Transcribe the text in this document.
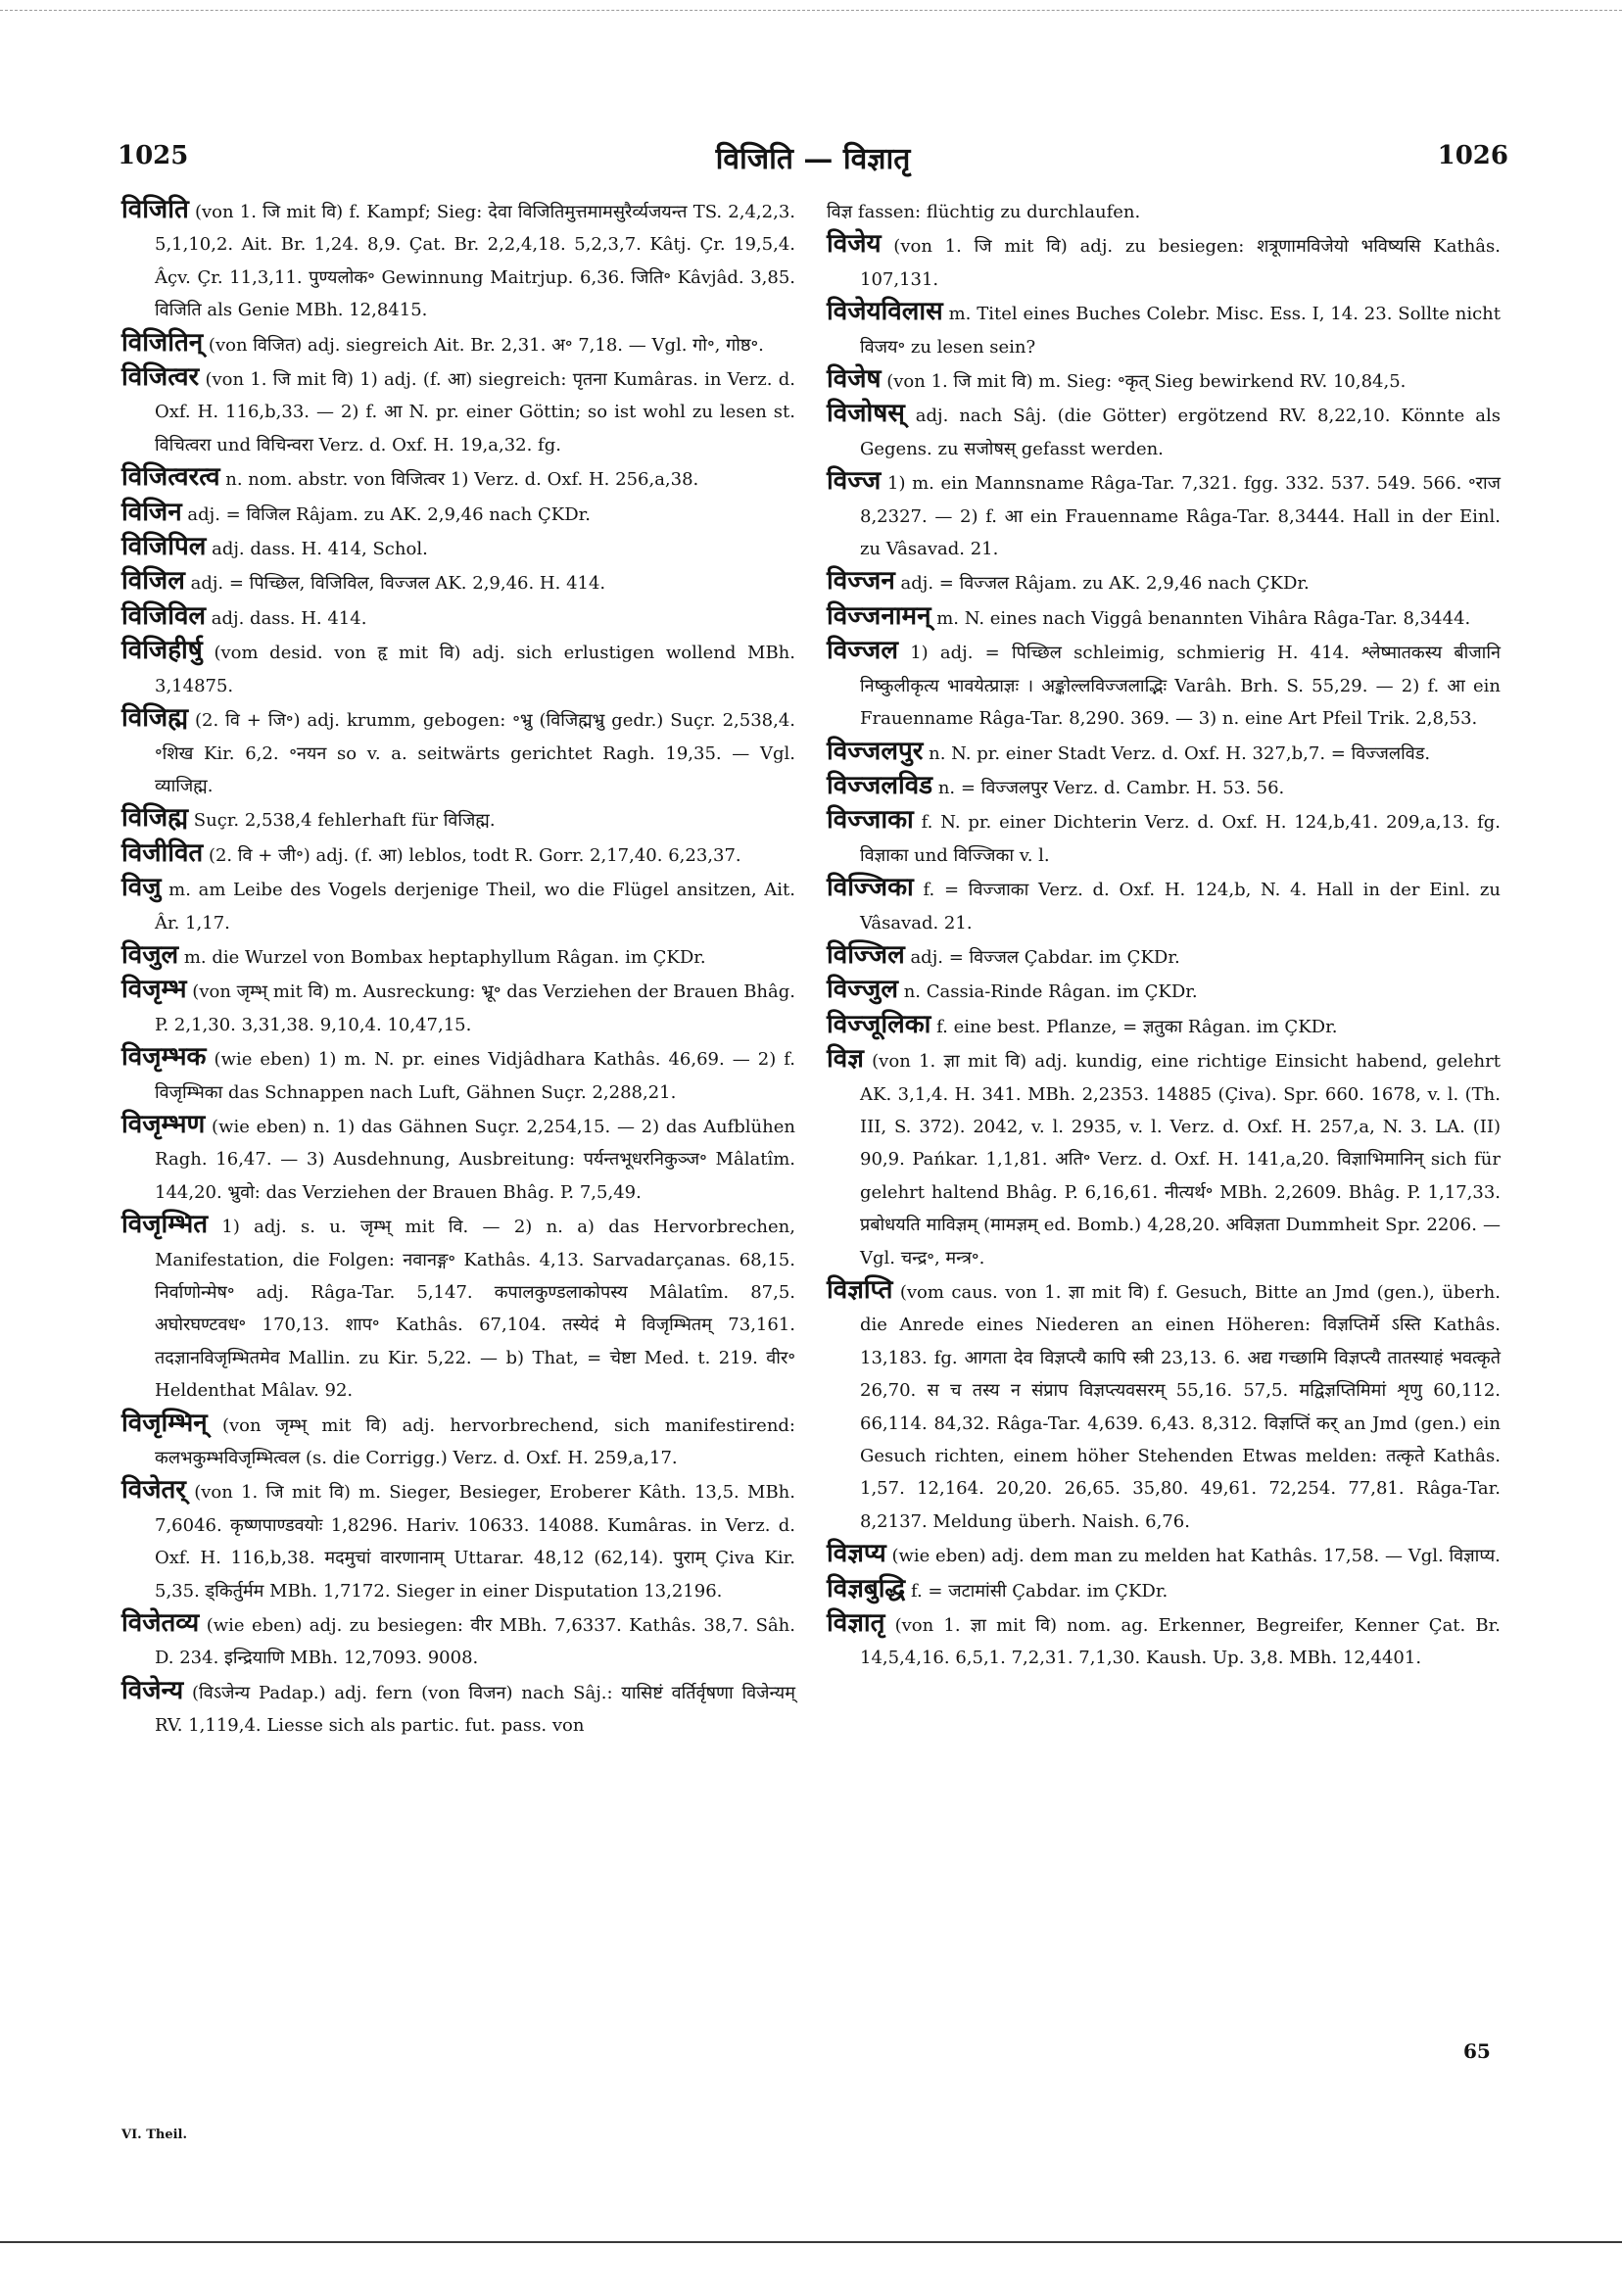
1025	विजिति — विज्ञातृ	1026

विजिति (von 1. जि mit वि) f. Kampf; Sieg: देवा विजितिमुत्तमामसुरैर्व्यजयन्त TS. 2,4,2,3. 5,1,10,2. Ait. Br. 1,24. 8,9. Çat. Br. 2,2,4,18. 5,2,3,7. Kâtj. Çr. 19,5,4. Âçv. Çr. 11,3,11. पुण्यलोक॰ Gewinnung Maitrjup. 6,36. जिति॰ Kâvjâd. 3,85. विजिति als Genie MBh. 12,8415.

विजितिन् (von विजित) adj. siegreich Ait. Br. 2,31. अ॰ 7,18. — Vgl. गो॰, गोष्ठ॰.

विजित्वर (von 1. जि mit वि) 1) adj. (f. आ) siegreich: पृतना Kumâras. in Verz. d. Oxf. H. 116,b,33. — 2) f. आ N. pr. einer Göttin; so ist wohl zu lesen st. विचित्वरा und विचिन्वरा Verz. d. Oxf. H. 19,a,32. fg.

विजित्वरत्व n. nom. abstr. von विजित्वर 1) Verz. d. Oxf. H. 256,a,38.

विजिन adj. = विजिल Râjam. zu AK. 2,9,46 nach ÇKDr.

विजिपिल adj. dass. H. 414, Schol.

विजिल adj. = पिच्छिल, विजिविल, विज्जल AK. 2,9,46. H. 414.

विजिविल adj. dass. H. 414.

विजिहीर्षु (vom desid. von हृ mit वि) adj. sich erlustigen wollend MBh. 3,14875.

विजिह्म (2. वि + जि॰) adj. krumm, gebogen: ॰भ्रु (विजिह्मभ्रु gedr.) Suçr. 2,538,4. ॰शिख Kir. 6,2. ॰नयन so v. a. seitwärts gerichtet Ragh. 19,35. — Vgl. व्याजिह्म.

विजिह्म Suçr. 2,538,4 fehlerhaft für विजिह्म.

विजीवित (2. वि + जी॰) adj. (f. आ) leblos, todt R. Gorr. 2,17,40. 6,23,37.

विजु m. am Leibe des Vogels derjenige Theil, wo die Flügel ansitzen, Ait. Âr. 1,17.

विजुल m. die Wurzel von Bombax heptaphyllum Râgan. im ÇKDr.

विजृम्भ (von जृम्भ् mit वि) m. Ausreckung: भ्रू॰ das Verziehen der Brauen Bhâg. P. 2,1,30. 3,31,38. 9,10,4. 10,47,15.

विजृम्भक (wie eben) 1) m. N. pr. eines Vidjâdhara Kathâs. 46,69. — 2) f. विजृम्भिका das Schnappen nach Luft, Gähnen Suçr. 2,288,21.

विजृम्भण (wie eben) n. 1) das Gähnen Suçr. 2,254,15. — 2) das Aufblühen Ragh. 16,47. — 3) Ausdehnung, Ausbreitung: पर्यन्तभूधरनिकुञ्ज॰ Mâlatîm. 144,20. भ्रुवो: das Verziehen der Brauen Bhâg. P. 7,5,49.

विजृम्भित 1) adj. s. u. जृम्भ् mit वि. — 2) n. a) das Hervorbrechen, Manifestation, die Folgen: नवानङ्ग॰ Kathâs. 4,13. Sarvadarçanas. 68,15. निर्वाणोन्मेष॰ adj. Râga-Tar. 5,147. कपालकुण्डलाकोपस्य Mâlatîm. 87,5. अघोरघण्टवध॰ 170,13. शाप॰ Kathâs. 67,104. तस्येदं मे विजृम्भितम् 73,161. तदज्ञानविजृम्भितमेव Mallin. zu Kir. 5,22. — b) That, = चेष्टा Med. t. 219. वीर॰ Heldenthat Mâlav. 92.

विजृम्भिन् (von जृम्भ् mit वि) adj. hervorbrechend, sich manifestirend: कलभकुम्भविजृम्भित्वल (s. die Corrigg.) Verz. d. Oxf. H. 259,a,17.

विजेतर् (von 1. जि mit वि) m. Sieger, Besieger, Eroberer Kâth. 13,5. MBh. 7,6046. कृष्णपाण्डवयोः 1,8296. Hariv. 10633. 14088. Kumâras. in Verz. d. Oxf. H. 116,b,38. मदमुचां वारणानाम् Uttarar. 48,12 (62,14). पुराम् Çiva Kir. 5,35. ड्किर्तुर्मम MBh. 1,7172. Sieger in einer Disputation 13,2196.

विजेतव्य (wie eben) adj. zu besiegen: वीर MBh. 7,6337. Kathâs. 38,7. Sâh. D. 234. इन्द्रियाणि MBh. 12,7093. 9008.

विजेन्य (विऽजेन्य Padap.) adj. fern (von विजन) nach Sâj.: यासिष्टं वर्तिर्वृषणा विजेन्यम् RV. 1,119,4. Liesse sich als partic. fut. pass. von

विज्ञ fassen: flüchtig zu durchlaufen.

विजेय (von 1. जि mit वि) adj. zu besiegen: शत्रूणामविजेयो भविष्यसि Kathâs. 107,131.

विजेयविलास m. Titel eines Buches Colebr. Misc. Ess. I, 14. 23. Sollte nicht विजय॰ zu lesen sein?

विजेष (von 1. जि mit वि) m. Sieg: ॰कृत् Sieg bewirkend RV. 10,84,5.

विजोषस् adj. nach Sâj. (die Götter) ergötzend RV. 8,22,10. Könnte als Gegens. zu सजोषस् gefasst werden.

विज्ज 1) m. ein Mannsname Râga-Tar. 7,321. fgg. 332. 537. 549. 566. ॰राज 8,2327. — 2) f. आ ein Frauenname Râga-Tar. 8,3444. Hall in der Einl. zu Vâsavad. 21.

विज्जन adj. = विज्जल Râjam. zu AK. 2,9,46 nach ÇKDr.

विज्जनामन् m. N. eines nach Viggâ benannten Vihâra Râga-Tar. 8,3444.

विज्जल 1) adj. = पिच्छिल schleimig, schmierig H. 414. श्लेष्मातकस्य बीजानि निष्कुलीकृत्य भावयेत्प्राज्ञः । अङ्कोल्लविज्जलाद्भिः Varâh. Brh. S. 55,29. — 2) f. आ ein Frauenname Râga-Tar. 8,290. 369. — 3) n. eine Art Pfeil Trik. 2,8,53.

विज्जलपुर n. N. pr. einer Stadt Verz. d. Oxf. H. 327,b,7. = विज्जलविड.

विज्जलविड n. = विज्जलपुर Verz. d. Cambr. H. 53. 56.

विज्जाका f. N. pr. einer Dichterin Verz. d. Oxf. H. 124,b,41. 209,a,13. fg. विज्ञाका und विज्जिका v. l.

विज्जिका f. = विज्जाका Verz. d. Oxf. H. 124,b, N. 4. Hall in der Einl. zu Vâsavad. 21.

विज्जिल adj. = विज्जल Çabdar. im ÇKDr.

विज्जुल n. Cassia-Rinde Râgan. im ÇKDr.

विज्जूलिका f. eine best. Pflanze, = ज्ञतुका Râgan. im ÇKDr.

विज्ञ (von 1. ज्ञा mit वि) adj. kundig, eine richtige Einsicht habend, gelehrt AK. 3,1,4. H. 341. MBh. 2,2353. 14885 (Çiva). Spr. 660. 1678, v. l. (Th. III, S. 372). 2042, v. l. 2935, v. l. Verz. d. Oxf. H. 257,a, N. 3. LA. (II) 90,9. Pańkar. 1,1,81. अति॰ Verz. d. Oxf. H. 141,a,20. विज्ञाभिमानिन् sich für gelehrt haltend Bhâg. P. 6,16,61. नीत्यर्थ॰ MBh. 2,2609. Bhâg. P. 1,17,33. प्रबोधयति माविज्ञम् (मामज्ञम् ed. Bomb.) 4,28,20. अविज्ञता Dummheit Spr. 2206. — Vgl. चन्द्र॰, मन्त्र॰.

विज्ञप्ति (vom caus. von 1. ज्ञा mit वि) f. Gesuch, Bitte an Jmd (gen.), überh. die Anrede eines Niederen an einen Höheren: विज्ञप्तिर्मे ऽस्ति Kathâs. 13,183. fg. आगता देव विज्ञप्त्यै कापि स्त्री 23,13. 6. अद्य गच्छामि विज्ञप्त्यै तातस्याहं भवत्कृते 26,70. स च तस्य न संप्राप विज्ञप्त्यवसरम् 55,16. 57,5. मद्विज्ञप्तिमिमां शृणु 60,112. 66,114. 84,32. Râga-Tar. 4,639. 6,43. 8,312. विज्ञप्तिं कर् an Jmd (gen.) ein Gesuch richten, einem höher Stehenden Etwas melden: तत्कृते Kathâs. 1,57. 12,164. 20,20. 26,65. 35,80. 49,61. 72,254. 77,81. Râga-Tar. 8,2137. Meldung überh. Naish. 6,76.

विज्ञप्य (wie eben) adj. dem man zu melden hat Kathâs. 17,58. — Vgl. विज्ञाप्य.

विज्ञबुद्धि f. = जटामांसी Çabdar. im ÇKDr.

विज्ञातृ (von 1. ज्ञा mit वि) nom. ag. Erkenner, Begreifer, Kenner Çat. Br. 14,5,4,16. 6,5,1. 7,2,31. 7,1,30. Kaush. Up. 3,8. MBh. 12,4401.

65
VI. Theil.
